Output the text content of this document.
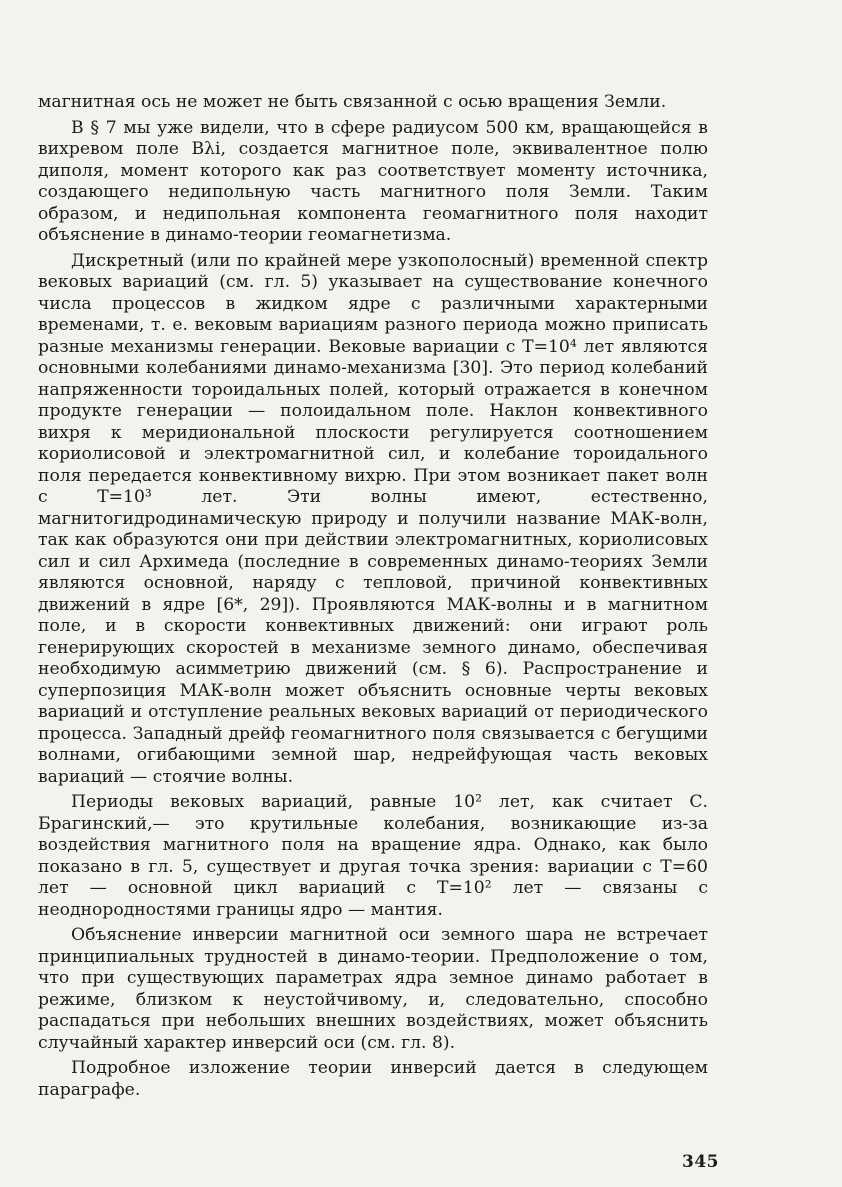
магнитная ось не может не быть связанной с осью вращения Земли.

В § 7 мы уже видели, что в сфере радиусом 500 км, вращающейся в вихревом поле Bλi, создается магнитное поле, эквивалентное полю диполя, момент которого как раз соответствует моменту источника, создающего недипольную часть магнитного поля Земли. Таким образом, и недипольная компонента геомагнитного поля находит объяснение в динамо-теории геомагнетизма.

Дискретный (или по крайней мере узкополосный) временной спектр вековых вариаций (см. гл. 5) указывает на существование конечного числа процессов в жидком ядре с различными характерными временами, т. е. вековым вариациям разного периода можно приписать разные механизмы генерации. Вековые вариации с T=10⁴ лет являются основными колебаниями динамо-механизма [30]. Это период колебаний напряженности тороидальных полей, который отражается в конечном продукте генерации — полоидальном поле. Наклон конвективного вихря к меридиональной плоскости регулируется соотношением кориолисовой и электромагнитной сил, и колебание тороидального поля передается конвективному вихрю. При этом возникает пакет волн с T=10³ лет. Эти волны имеют, естественно, магнитогидродинамическую природу и получили название МАК-волн, так как образуются они при действии электромагнитных, кориолисовых сил и сил Архимеда (последние в современных динамо-теориях Земли являются основной, наряду с тепловой, причиной конвективных движений в ядре [6*, 29]). Проявляются МАК-волны и в магнитном поле, и в скорости конвективных движений: они играют роль генерирующих скоростей в механизме земного динамо, обеспечивая необходимую асимметрию движений (см. § 6). Распространение и суперпозиция МАК-волн может объяснить основные черты вековых вариаций и отступление реальных вековых вариаций от периодического процесса. Западный дрейф геомагнитного поля связывается с бегущими волнами, огибающими земной шар, недрейфующая часть вековых вариаций — стоячие волны.

Периоды вековых вариаций, равные 10² лет, как считает С. Брагинский,— это крутильные колебания, возникающие из-за воздействия магнитного поля на вращение ядра. Однако, как было показано в гл. 5, существует и другая точка зрения: вариации с T=60 лет — основной цикл вариаций с T=10² лет — связаны с неоднородностями границы ядро — мантия.

Объяснение инверсии магнитной оси земного шара не встречает принципиальных трудностей в динамо-теории. Предположение о том, что при существующих параметрах ядра земное динамо работает в режиме, близком к неустойчивому, и, следовательно, способно распадаться при небольших внешних воздействиях, может объяснить случайный характер инверсий оси (см. гл. 8).

Подробное изложение теории инверсий дается в следующем параграфе.

345
